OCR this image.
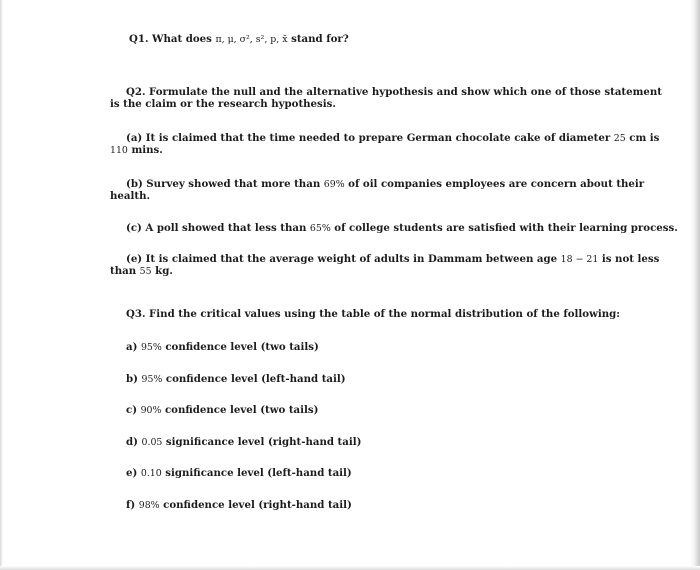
Q1. What does π, μ, σ², s², p, x̄ stand for?
Q2. Formulate the null and the alternative hypothesis and show which one of those statement
is the claim or the research hypothesis.
(a) It is claimed that the time needed to prepare German chocolate cake of diameter 25 cm is
110 mins.
(b) Survey showed that more than 69% of oil companies employees are concern about their
health.
(c) A poll showed that less than 65% of college students are satisfied with their learning process.
(e) It is claimed that the average weight of adults in Dammam between age 18 − 21 is not less
than 55 kg.
Q3. Find the critical values using the table of the normal distribution of the following:
a) 95% confidence level (two tails)
b) 95% confidence level (left-hand tail)
c) 90% confidence level (two tails)
d) 0.05 significance level (right-hand tail)
e) 0.10 significance level (left-hand tail)
f) 98% confidence level (right-hand tail)
